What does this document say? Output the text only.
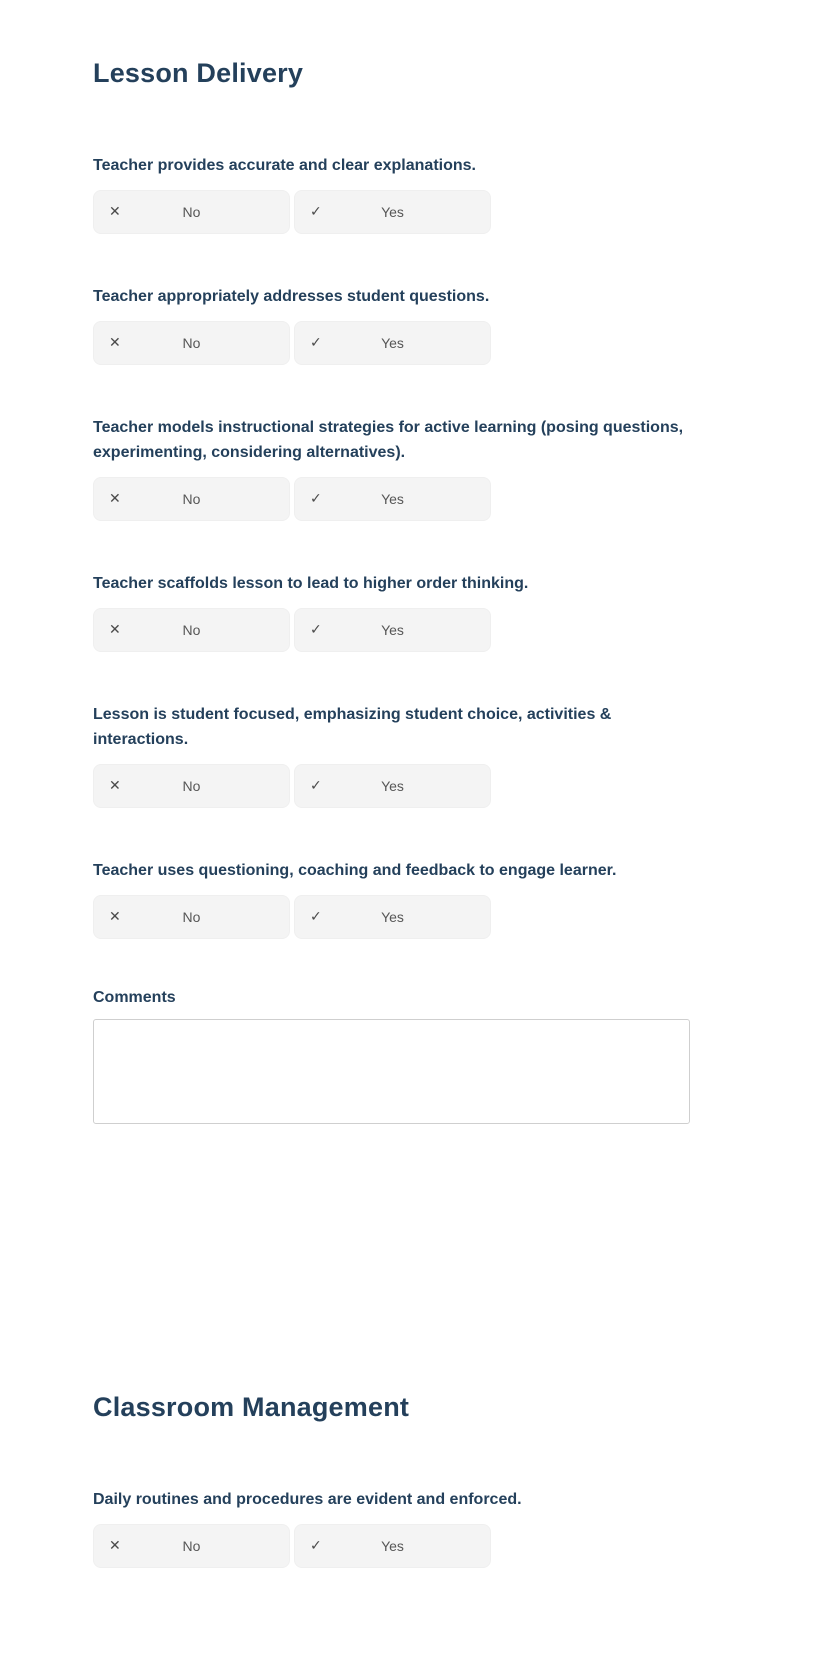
Lesson Delivery
Teacher provides accurate and clear explanations.
✕	No	✓	Yes
Teacher appropriately addresses student questions.
✕	No	✓	Yes
Teacher models instructional strategies for active learning (posing questions, experimenting, considering alternatives).
✕	No	✓	Yes
Teacher scaffolds lesson to lead to higher order thinking.
✕	No	✓	Yes
Lesson is student focused, emphasizing student choice, activities & interactions.
✕	No	✓	Yes
Teacher uses questioning, coaching and feedback to engage learner.
✕	No	✓	Yes
Comments
Classroom Management
Daily routines and procedures are evident and enforced.
✕	No	✓	Yes
